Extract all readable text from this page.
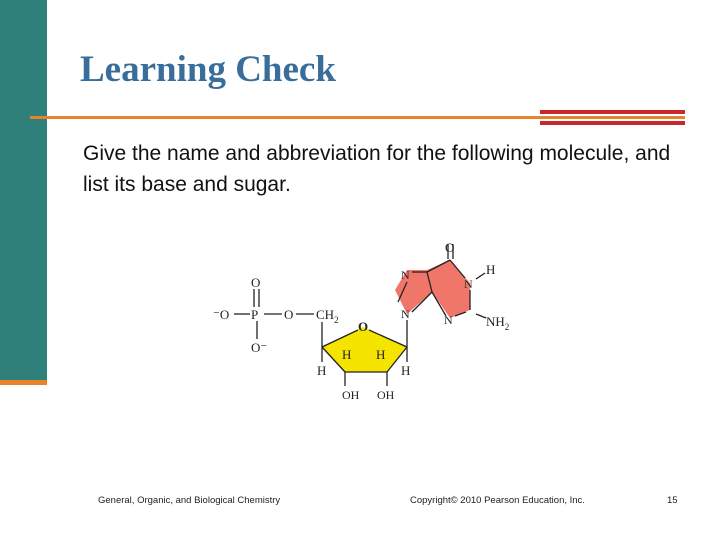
Learning Check

Give the name and abbreviation for the following molecule, and list its base and sugar.

⁻O P
O
O⁻
O $CH_2$ O
H H
H	H
OH OH
N
N
N
N
O
H
$NH_2$
General, Organic, and Biological Chemistry	Copyright© 2010 Pearson Education, Inc.	15
